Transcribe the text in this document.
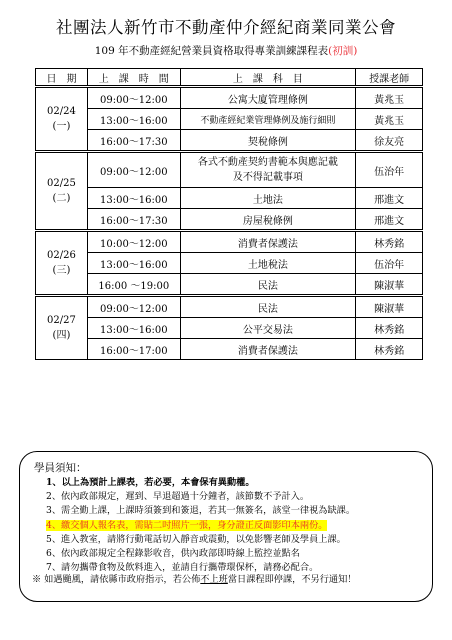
社團法人新竹市不動產仲介經紀商業同業公會
109 年不動產經紀營業員資格取得專業訓練課程表(初訓)
日　期	上　課　時　間	上　課　科　目	授課老師

02/24
(一)	09:00～12:00	公寓大廈管理條例	黃兆玉
	13:00～16:00	不動產經紀業管理條例及施行細則	黃兆玉
	16:00～17:30	契稅條例	徐友亮

02/25
(二)	09:00～12:00	各式不動產契約書範本與應記載及不得記載事項	伍治年
	13:00～16:00	土地法	邢進文
	16:00～17:30	房屋稅條例	邢進文

02/26
(三)	10:00～12:00	消費者保護法	林秀銘
	13:00～16:00	土地稅法	伍治年
	16:00 ～19:00	民法	陳淑華

02/27
(四)	09:00～12:00	民法	陳淑華
	13:00～16:00	公平交易法	林秀銘
	16:00～17:00	消費者保護法	林秀銘
學員須知：
1、以上為預計上課表，若必要，本會保有異動權。
2、依內政部規定，遲到、早退超過十分鐘者，該節數不予計入。
3、需全勤上課，上課時須簽到和簽退，若其一無簽名，該堂一律視為缺課。
4、繳交個人報名表，需貼二吋照片一張，身分證正反面影印本兩份。
5、進入教室，請將行動電話切入靜音或震動，以免影響老師及學員上課。
6、依內政部規定全程錄影收音，供內政部即時線上監控並點名
7、請勿攜帶食物及飲料進入，並請自行攜帶環保杯，請務必配合。
※ 如遇颱風，請依縣市政府指示，若公佈不上班當日課程即停課，不另行通知！
